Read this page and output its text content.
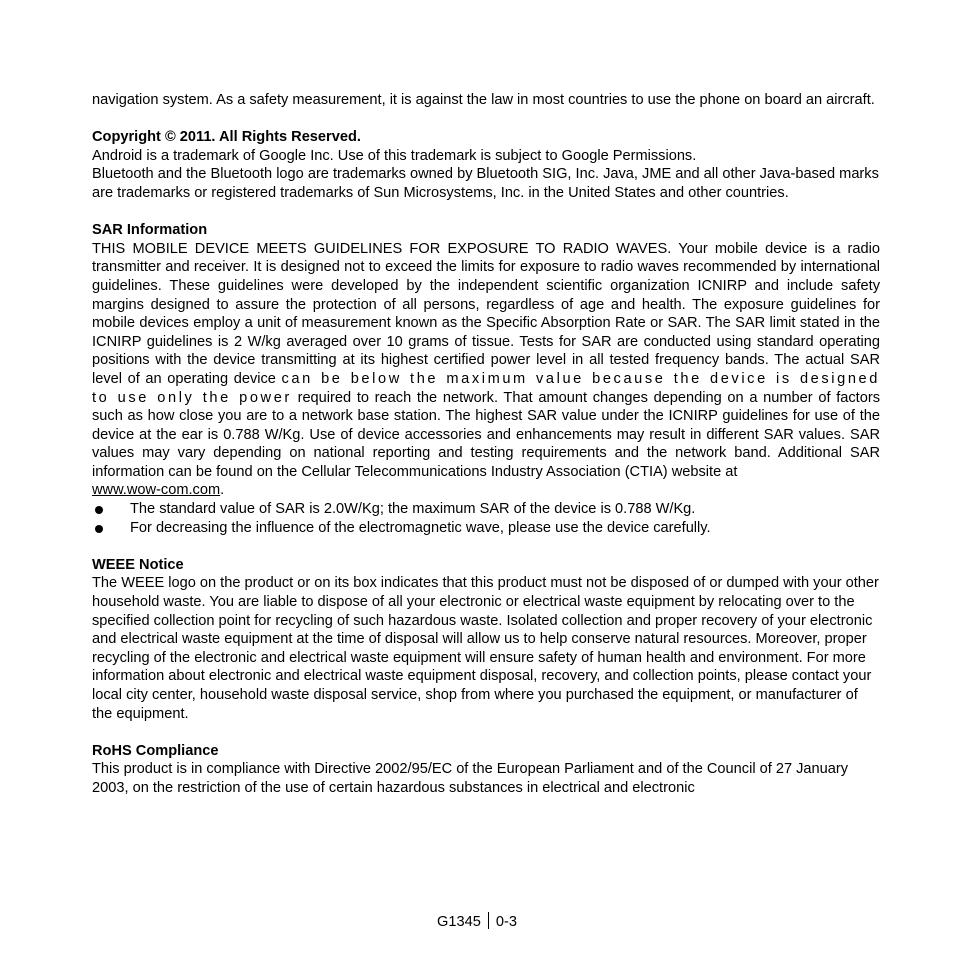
navigation system. As a safety measurement, it is against the law in most countries to use the phone on board an aircraft.

Copyright © 2011. All Rights Reserved.

Android is a trademark of Google Inc. Use of this trademark is subject to Google Permissions.

Bluetooth and the Bluetooth logo are trademarks owned by Bluetooth SIG, Inc. Java, JME and all other Java-based marks are trademarks or registered trademarks of Sun Microsystems, Inc. in the United States and other countries.

SAR Information

THIS MOBILE DEVICE MEETS GUIDELINES FOR EXPOSURE TO RADIO WAVES. Your mobile device is a radio transmitter and receiver. It is designed not to exceed the limits for exposure to radio waves recommended by international guidelines. These guidelines were developed by the independent scientific organization ICNIRP and include safety margins designed to assure the protection of all persons, regardless of age and health. The exposure guidelines for mobile devices employ a unit of measurement known as the Specific Absorption Rate or SAR. The SAR limit stated in the ICNIRP guidelines is 2 W/kg averaged over 10 grams of tissue. Tests for SAR are conducted using standard operating positions with the device transmitting at its highest certified power level in all tested frequency bands. The actual SAR level of an operating device can be below the maximum value because the device is designed to use only the power required to reach the network. That amount changes depending on a number of factors such as how close you are to a network base station. The highest SAR value under the ICNIRP guidelines for use of the device at the ear is 0.788 W/Kg. Use of device accessories and enhancements may result in different SAR values. SAR values may vary depending on national reporting and testing requirements and the network band. Additional SAR information can be found on the Cellular Telecommunications Industry Association (CTIA) website at

www.wow-com.com.

The standard value of SAR is 2.0W/Kg; the maximum SAR of the device is 0.788 W/Kg.
For decreasing the influence of the electromagnetic wave, please use the device carefully.

WEEE Notice

The WEEE logo on the product or on its box indicates that this product must not be disposed of or dumped with your other household waste. You are liable to dispose of all your electronic or electrical waste equipment by relocating over to the specified collection point for recycling of such hazardous waste. Isolated collection and proper recovery of your electronic and electrical waste equipment at the time of disposal will allow us to help conserve natural resources. Moreover, proper recycling of the electronic and electrical waste equipment will ensure safety of human health and environment. For more information about electronic and electrical waste equipment disposal, recovery, and collection points, please contact your local city center, household waste disposal service, shop from where you purchased the equipment, or manufacturer of the equipment.

RoHS Compliance

This product is in compliance with Directive 2002/95/EC of the European Parliament and of the Council of 27 January 2003, on the restriction of the use of certain hazardous substances in electrical and electronic

G1345 0-3
